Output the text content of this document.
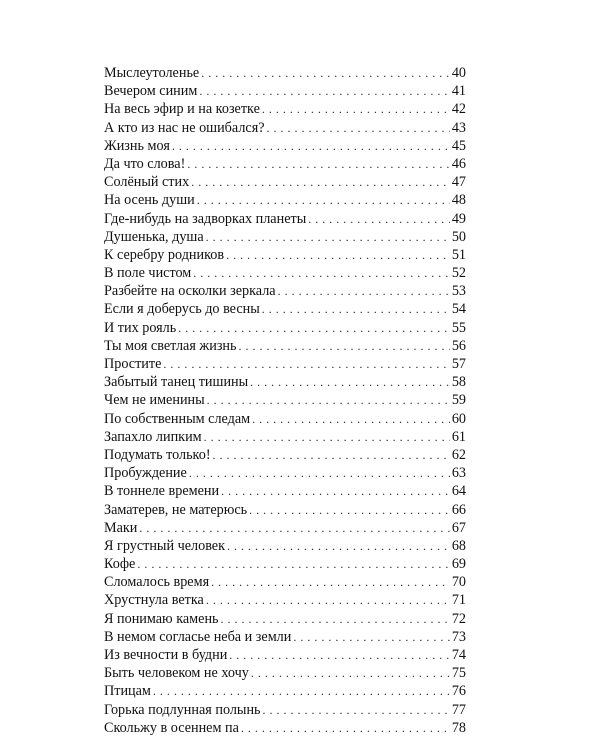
Мыслеутоленье . . .	40
Вечером синим . . .	41
На весь эфир и на козетке . . .	42
А кто из нас не ошибался? . . .	43
Жизнь моя . . .	45
Да что слова! . . .	46
Солёный стих . . .	47
На осень души . . .	48
Где-нибудь на задворках планеты . . .	49
Душенька, душа . . .	50
К серебру родников . . .	51
В поле чистом . . .	52
Разбейте на осколки зеркала . . .	53
Если я доберусь до весны . . .	54
И тих рояль . . .	55
Ты моя светлая жизнь . . .	56
Простите . . .	57
Забытый танец тишины . . .	58
Чем не именины . . .	59
По собственным следам . . .	60
Запахло липким . . .	61
Подумать только! . . .	62
Пробуждение . . .	63
В тоннеле времени . . .	64
Заматерев, не матерюсь . . .	66
Маки . . .	67
Я грустный человек . . .	68
Кофе . . .	69
Сломалось время . . .	70
Хрустнула ветка . . .	71
Я понимаю камень . . .	72
В немом согласье неба и земли . . .	73
Из вечности в будни . . .	74
Быть человеком не хочу . . .	75
Птицам . . .	76
Горька подлунная полынь . . .	77
Скольжу в осеннем па . . .	78
